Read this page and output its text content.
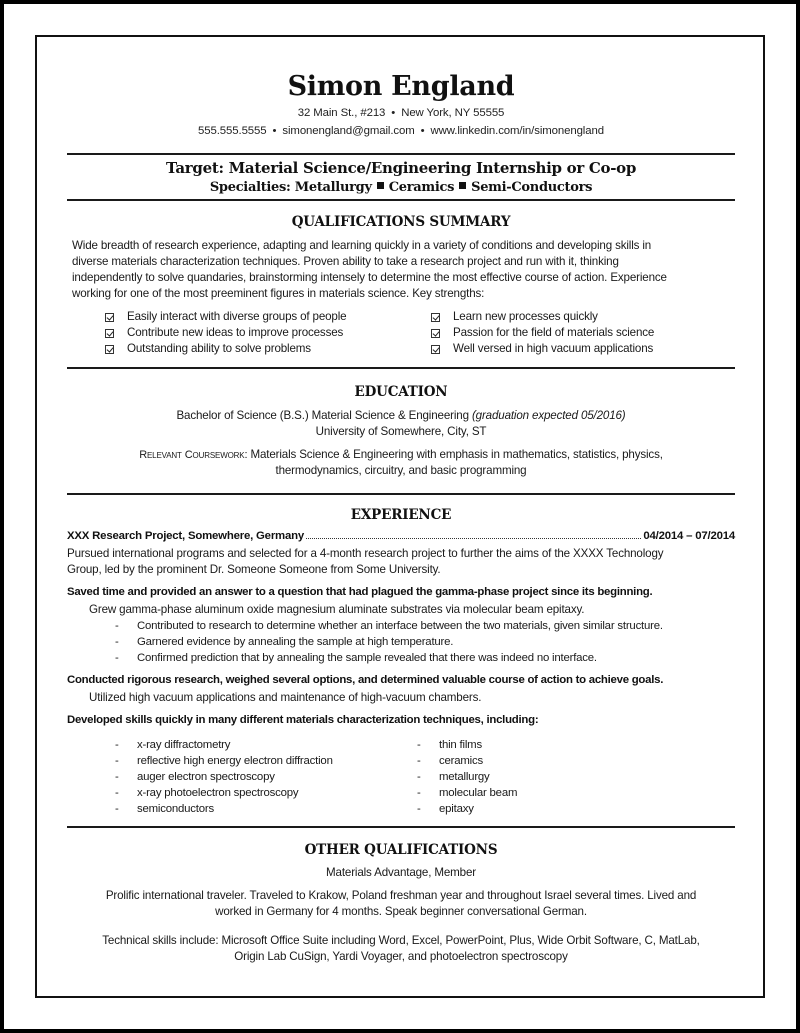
Simon England
32 Main St., #213 • New York, NY 55555
555.555.5555 • simonengland@gmail.com • www.linkedin.com/in/simonengland
Target: Material Science/Engineering Internship or Co-op
Specialties: Metallurgy Ceramics Semi-Conductors
QUALIFICATIONS SUMMARY
Wide breadth of research experience, adapting and learning quickly in a variety of conditions and developing skills in
diverse materials characterization techniques. Proven ability to take a research project and run with it, thinking
independently to solve quandaries, brainstorming intensely to determine the most effective course of action. Experience
working for one of the most preeminent figures in materials science. Key strengths:
Easily interact with diverse groups of people
Contribute new ideas to improve processes
Outstanding ability to solve problems
Learn new processes quickly
Passion for the field of materials science
Well versed in high vacuum applications
EDUCATION
Bachelor of Science (B.S.) Material Science & Engineering (graduation expected 05/2016)
University of Somewhere, City, ST
Relevant Coursework: Materials Science & Engineering with emphasis in mathematics, statistics, physics,
thermodynamics, circuitry, and basic programming
EXPERIENCE
XXX Research Project, Somewhere, Germany	04/2014 – 07/2014
Pursued international programs and selected for a 4-month research project to further the aims of the XXXX Technology
Group, led by the prominent Dr. Someone Someone from Some University.
Saved time and provided an answer to a question that had plagued the gamma-phase project since its beginning.
Grew gamma-phase aluminum oxide magnesium aluminate substrates via molecular beam epitaxy.
-	Contributed to research to determine whether an interface between the two materials, given similar structure.
-	Garnered evidence by annealing the sample at high temperature.
-	Confirmed prediction that by annealing the sample revealed that there was indeed no interface.
Conducted rigorous research, weighed several options, and determined valuable course of action to achieve goals.
Utilized high vacuum applications and maintenance of high-vacuum chambers.
Developed skills quickly in many different materials characterization techniques, including:
-	x-ray diffractometry
-	reflective high energy electron diffraction
-	auger electron spectroscopy
-	x-ray photoelectron spectroscopy
-	semiconductors
-	thin films
-	ceramics
-	metallurgy
-	molecular beam
-	epitaxy
OTHER QUALIFICATIONS
Materials Advantage, Member
Prolific international traveler. Traveled to Krakow, Poland freshman year and throughout Israel several times. Lived and
worked in Germany for 4 months. Speak beginner conversational German.
Technical skills include: Microsoft Office Suite including Word, Excel, PowerPoint, Plus, Wide Orbit Software, C, MatLab,
Origin Lab CuSign, Yardi Voyager, and photoelectron spectroscopy
